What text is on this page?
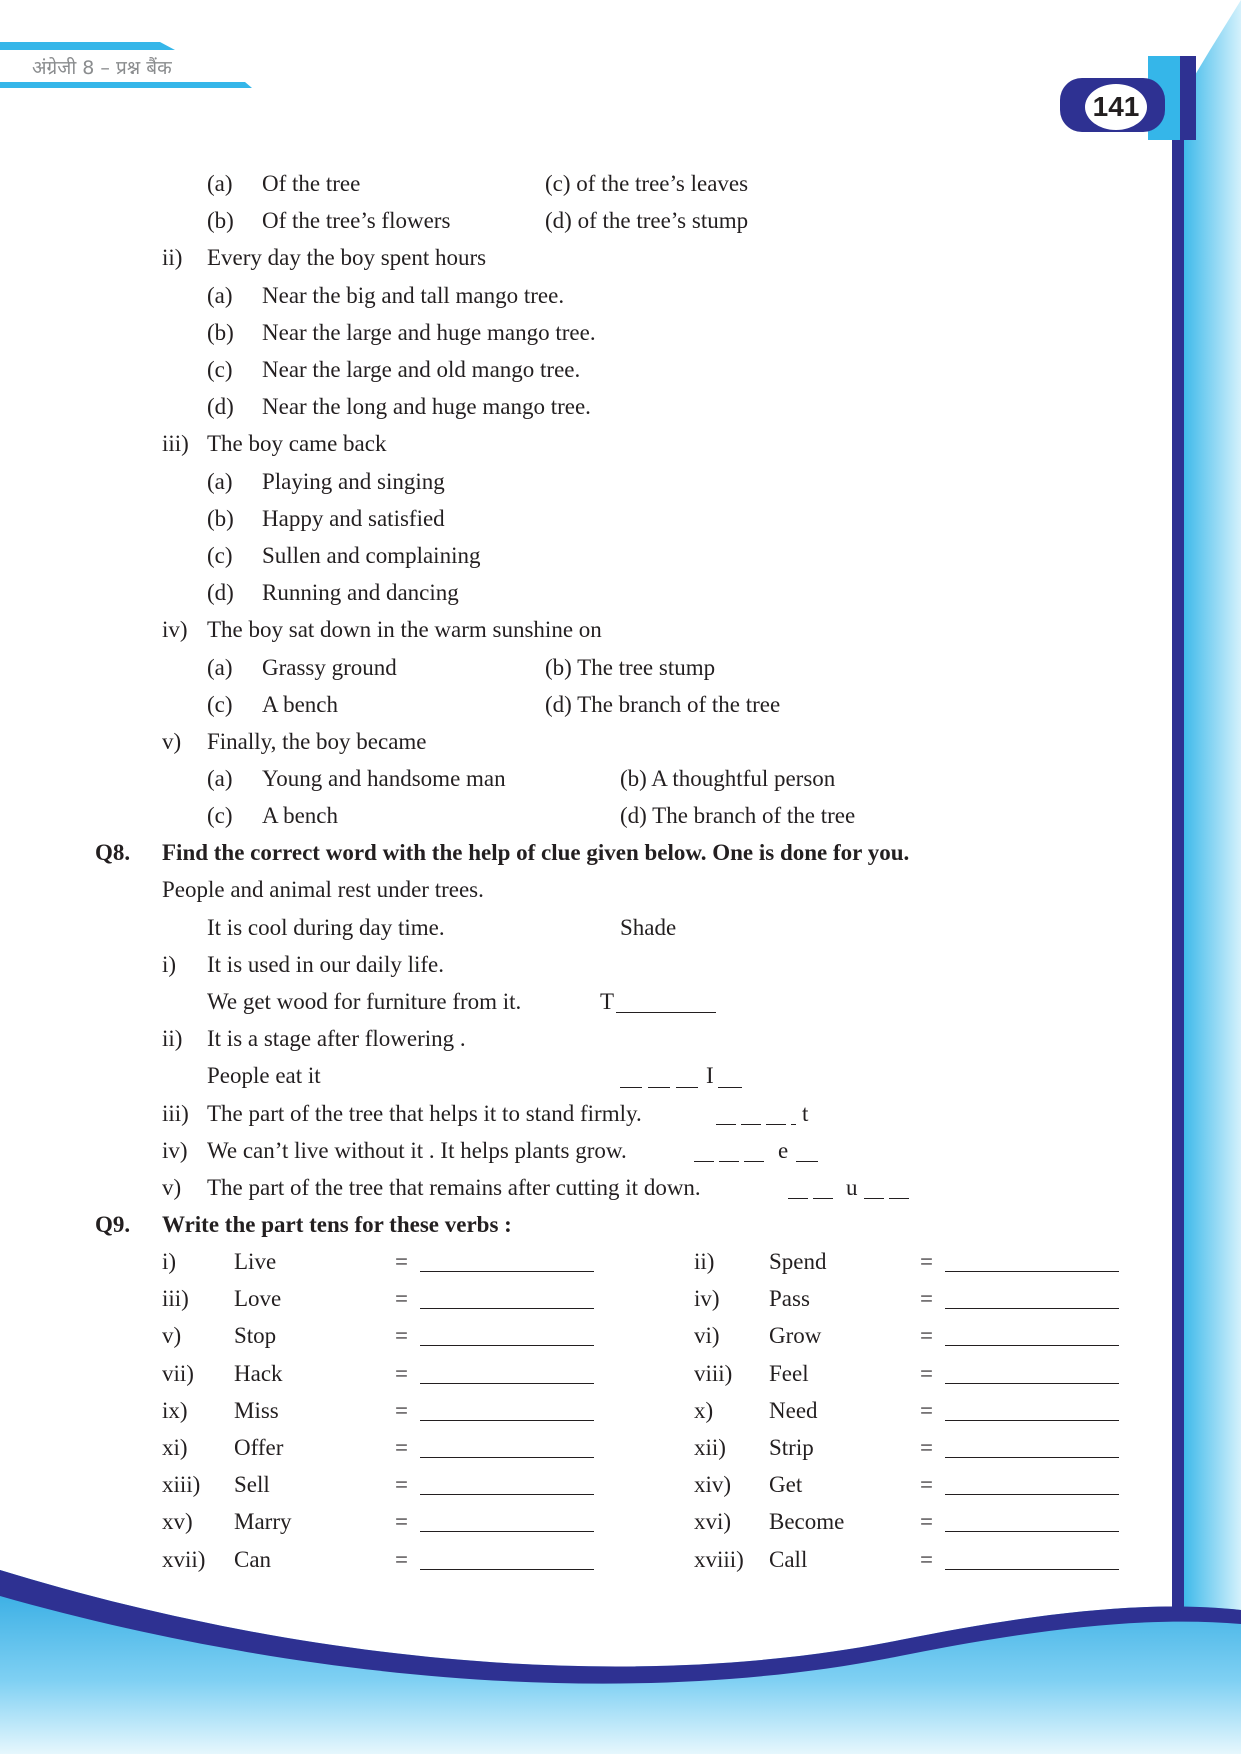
अंग्रेजी 8 – प्रश्न बैंक
141
(a) Of the tree	(c) of the tree’s leaves
(b) Of the tree’s flowers	(d) of the tree’s stump
ii) Every day the boy spent hours
(a) Near the big and tall mango tree.
(b) Near the large and huge mango tree.
(c) Near the large and old mango tree.
(d) Near the long and huge mango tree.
iii) The boy came back
(a) Playing and singing
(b) Happy and satisfied
(c) Sullen and complaining
(d) Running and dancing
iv) The boy sat down in the warm sunshine on
(a) Grassy ground	(b) The tree stump
(c) A bench	(d) The branch of the tree
v) Finally, the boy became
(a) Young and handsome man	(b) A thoughtful person
(c) A bench	(d) The branch of the tree
Q8. Find the correct word with the help of clue given below. One is done for you.
People and animal rest under trees.
It is cool during day time.	Shade
i) It is used in our daily life.
We get wood for furniture from it.	T
ii) It is a stage after flowering .
People eat it	I
iii) The part of the tree that helps it to stand firmly.	t
iv) We can’t live without it . It helps plants grow.	e
v) The part of the tree that remains after cutting it down.	u
Q9. Write the part tens for these verbs :
i)	Live	=	ii) Spend	=
iii) Love	=	iv) Pass	=
v) Stop	=	vi) Grow	=
vii) Hack	=	viii) Feel	=
ix) Miss	=	x) Need	=
xi) Offer	=	xii) Strip	=
xiii) Sell	=	xiv) Get	=
xv) Marry	=	xvi) Become	=
xvii) Can	=	xviii) Call	=
